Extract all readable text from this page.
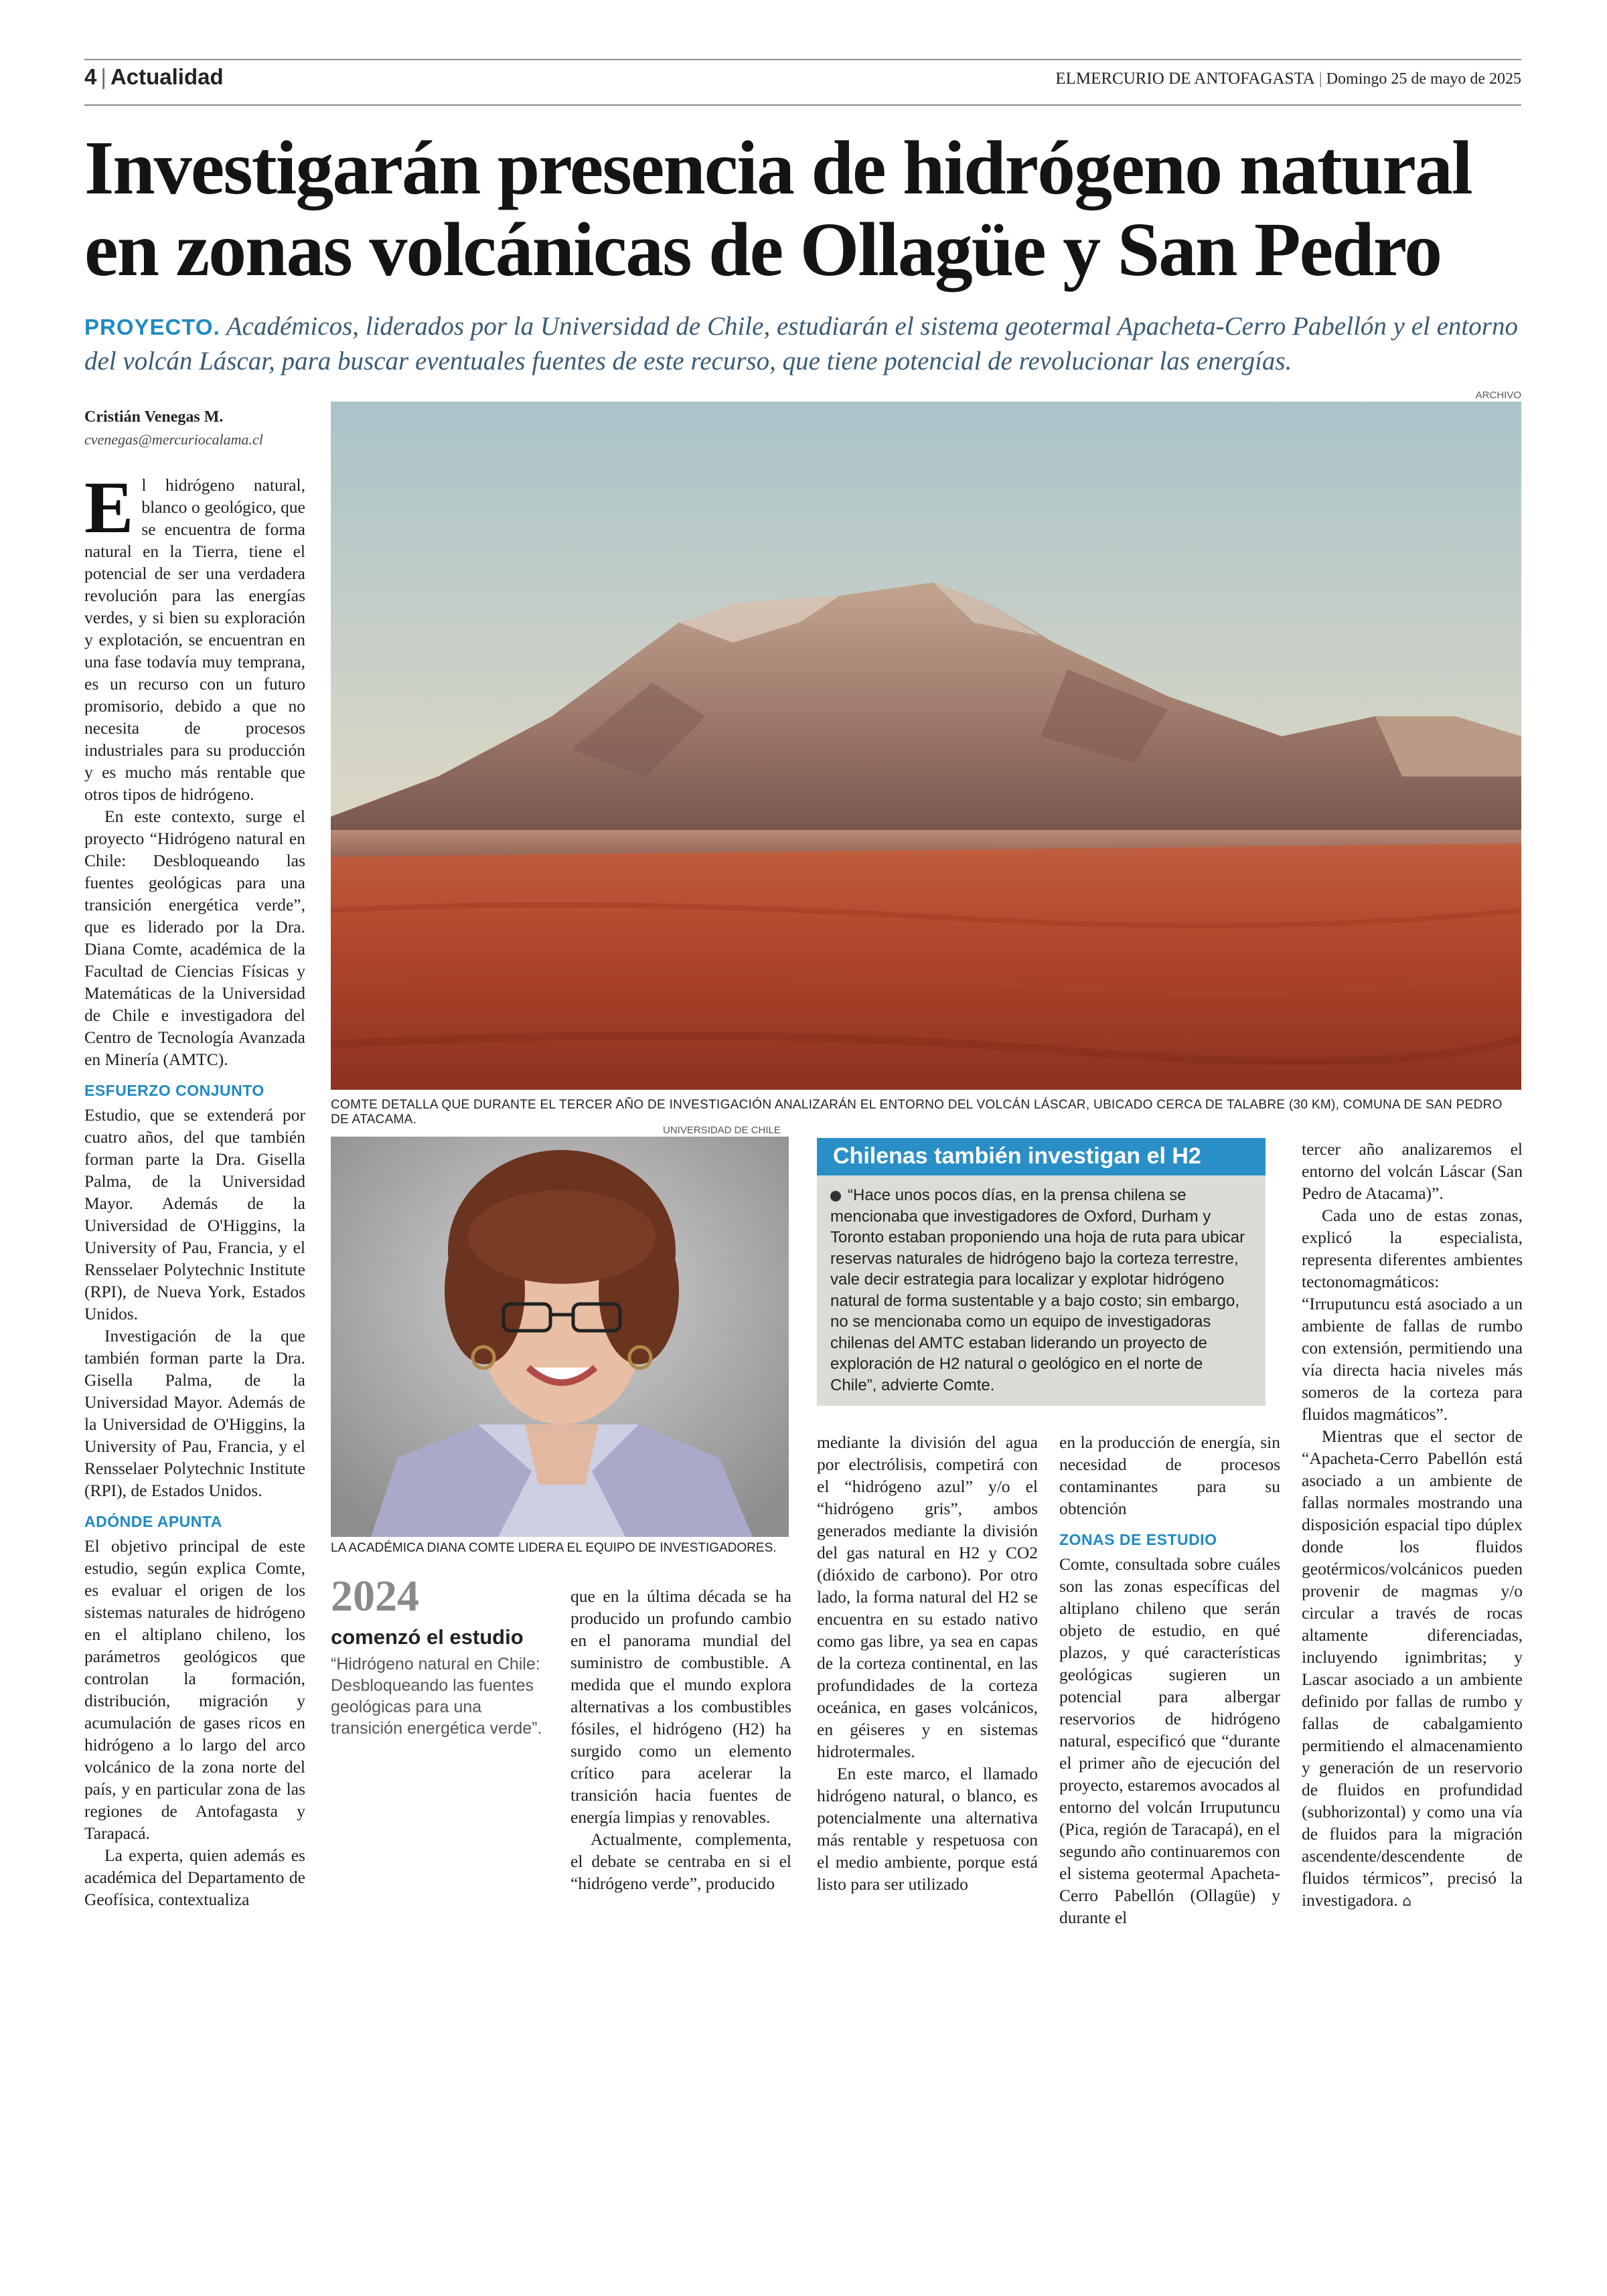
4 | Actualidad	ELMERCURIO DE ANTOFAGASTA | Domingo 25 de mayo de 2025
Investigarán presencia de hidrógeno natural en zonas volcánicas de Ollagüe y San Pedro
PROYECTO. Académicos, liderados por la Universidad de Chile, estudiarán el sistema geotermal Apacheta-Cerro Pabellón y el entorno del volcán Láscar, para buscar eventuales fuentes de este recurso, que tiene potencial de revolucionar las energías.
Cristián Venegas M.
cvenegas@mercuriocalama.cl

El hidrógeno natural, blanco o geológico, que se encuentra de forma natural en la Tierra, tiene el potencial de ser una verdadera revolución para las energías verdes, y si bien su exploración y explotación, se encuentran en una fase todavía muy temprana, es un recurso con un futuro promisorio, debido a que no necesita de procesos industriales para su producción y es mucho más rentable que otros tipos de hidrógeno.

En este contexto, surge el proyecto “Hidrógeno natural en Chile: Desbloqueando las fuentes geológicas para una transición energética verde”, que es liderado por la Dra. Diana Comte, académica de la Facultad de Ciencias Físicas y Matemáticas de la Universidad de Chile e investigadora del Centro de Tecnología Avanzada en Minería (AMTC).

ESFUERZO CONJUNTO

Estudio, que se extenderá por cuatro años, del que también forman parte la Dra. Gisella Palma, de la Universidad Mayor. Además de la Universidad de O'Higgins, la University of Pau, Francia, y el Rensselaer Polytechnic Institute (RPI), de Nueva York, Estados Unidos.

Investigación de la que también forman parte la Dra. Gisella Palma, de la Universidad Mayor. Además de la Universidad de O'Higgins, la University of Pau, Francia, y el Rensselaer Polytechnic Institute (RPI), de Estados Unidos.

ADÓNDE APUNTA

El objetivo principal de este estudio, según explica Comte, es evaluar el origen de los sistemas naturales de hidrógeno en el altiplano chileno, los parámetros geológicos que controlan la formación, distribución, migración y acumulación de gases ricos en hidrógeno a lo largo del arco volcánico de la zona norte del país, y en particular zona de las regiones de Antofagasta y Tarapacá.

La experta, quien además es académica del Departamento de Geofísica, contextualiza

ARCHIVO
COMTE DETALLA QUE DURANTE EL TERCER AÑO DE INVESTIGACIÓN ANALIZARÁN EL ENTORNO DEL VOLCÁN LÁSCAR, UBICADO CERCA DE TALABRE (30 KM), COMUNA DE SAN PEDRO DE ATACAMA.
UNIVERSIDAD DE CHILE
LA ACADÉMICA DIANA COMTE LIDERA EL EQUIPO DE INVESTIGADORES.
2024
comenzó el estudio
“Hidrógeno natural en Chile: Desbloqueando las fuentes geológicas para una transición energética verde”.

que en la última década se ha producido un profundo cambio en el panorama mundial del suministro de combustible. A medida que el mundo explora alternativas a los combustibles fósiles, el hidrógeno (H2) ha surgido como un elemento crítico para acelerar la transición hacia fuentes de energía limpias y renovables.

Actualmente, complementa, el debate se centraba en si el “hidrógeno verde”, producido

Chilenas también investigan el H2
“Hace unos pocos días, en la prensa chilena se mencionaba que investigadores de Oxford, Durham y Toronto estaban proponiendo una hoja de ruta para ubicar reservas naturales de hidrógeno bajo la corteza terrestre, vale decir estrategia para localizar y explotar hidrógeno natural de forma sustentable y a bajo costo; sin embargo, no se mencionaba como un equipo de investigadoras chilenas del AMTC estaban liderando un proyecto de exploración de H2 natural o geológico en el norte de Chile”, advierte Comte.

mediante la división del agua por electrólisis, competirá con el “hidrógeno azul” y/o el “hidrógeno gris”, ambos generados mediante la división del gas natural en H2 y CO2 (dióxido de carbono). Por otro lado, la forma natural del H2 se encuentra en su estado nativo como gas libre, ya sea en capas de la corteza continental, en las profundidades de la corteza oceánica, en gases volcánicos, en géiseres y en sistemas hidrotermales.

En este marco, el llamado hidrógeno natural, o blanco, es potencialmente una alternativa más rentable y respetuosa con el medio ambiente, porque está listo para ser utilizado

en la producción de energía, sin necesidad de procesos contaminantes para su obtención

ZONAS DE ESTUDIO

Comte, consultada sobre cuáles son las zonas específicas del altiplano chileno que serán objeto de estudio, en qué plazos, y qué características geológicas sugieren un potencial para albergar reservorios de hidrógeno natural, especificó que “durante el primer año de ejecución del proyecto, estaremos avocados al entorno del volcán Irruputuncu (Pica, región de Taracapá), en el segundo año continuaremos con el sistema geotermal Apacheta-Cerro Pabellón (Ollagüe) y durante el

tercer año analizaremos el entorno del volcán Láscar (San Pedro de Atacama)”.

Cada uno de estas zonas, explicó la especialista, representa diferentes ambientes tectonomagmáticos: “Irruputuncu está asociado a un ambiente de fallas de rumbo con extensión, permitiendo una vía directa hacia niveles más someros de la corteza para fluidos magmáticos”.

Mientras que el sector de “Apacheta-Cerro Pabellón está asociado a un ambiente de fallas normales mostrando una disposición espacial tipo dúplex donde los fluidos geotérmicos/volcánicos pueden provenir de magmas y/o circular a través de rocas altamente diferenciadas, incluyendo ignimbritas; y Lascar asociado a un ambiente definido por fallas de rumbo y fallas de cabalgamiento permitiendo el almacenamiento y generación de un reservorio de fluidos en profundidad (subhorizontal) y como una vía de fluidos para la migración ascendente/descendente de fluidos térmicos”, precisó la investigadora. ⌂
